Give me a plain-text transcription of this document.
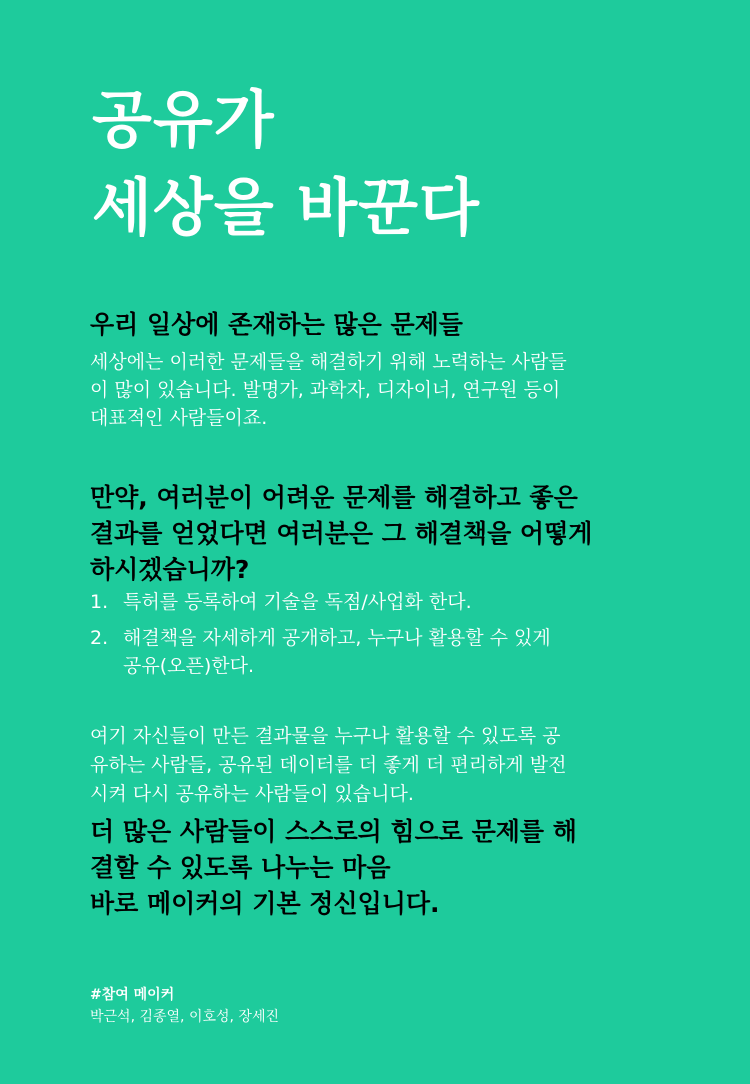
공유가
세상을 바꾼다
우리 일상에 존재하는 많은 문제들
세상에는 이러한 문제들을 해결하기 위해 노력하는 사람들
이 많이 있습니다. 발명가, 과학자, 디자이너, 연구원 등이
대표적인 사람들이죠.
만약, 여러분이 어려운 문제를 해결하고 좋은
결과를 얻었다면 여러분은 그 해결책을 어떻게
하시겠습니까?
1. 특허를 등록하여 기술을 독점/사업화 한다.
2. 해결책을 자세하게 공개하고, 누구나 활용할 수 있게
공유(오픈)한다.
여기 자신들이 만든 결과물을 누구나 활용할 수 있도록 공
유하는 사람들, 공유된 데이터를 더 좋게 더 편리하게 발전
시켜 다시 공유하는 사람들이 있습니다.
더 많은 사람들이 스스로의 힘으로 문제를 해
결할 수 있도록 나누는 마음
바로 메이커의 기본 정신입니다.
#참여 메이커
박근석, 김종열, 이호성, 장세진
